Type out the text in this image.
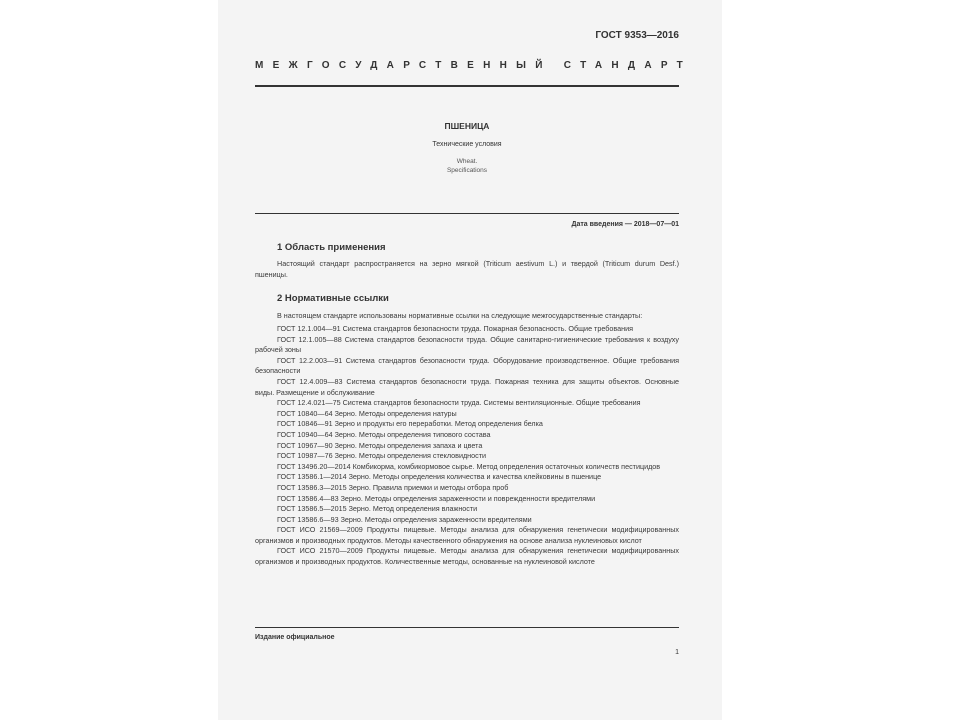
ГОСТ 9353—2016
МЕЖГОСУДАРСТВЕННЫЙ СТАНДАРТ

ПШЕНИЦА

Технические условия

Wheat.

Specifications

Дата введения — 2018—07—01
1 Область применения

Настоящий стандарт распространяется на зерно мягкой (Triticum aestivum L.) и твердой (Triticum durum Desf.) пшеницы.

2 Нормативные ссылки

В настоящем стандарте использованы нормативные ссылки на следующие межгосударственные стандарты:

ГОСТ 12.1.004—91 Система стандартов безопасности труда. Пожарная безопасность. Общие требования
ГОСТ 12.1.005—88 Система стандартов безопасности труда. Общие санитарно-гигиенические требования к воздуху рабочей зоны
ГОСТ 12.2.003—91 Система стандартов безопасности труда. Оборудование производственное. Общие требования безопасности
ГОСТ 12.4.009—83 Система стандартов безопасности труда. Пожарная техника для защиты объектов. Основные виды. Размещение и обслуживание
ГОСТ 12.4.021—75 Система стандартов безопасности труда. Системы вентиляционные. Общие требования
ГОСТ 10840—64 Зерно. Методы определения натуры
ГОСТ 10846—91 Зерно и продукты его переработки. Метод определения белка
ГОСТ 10940—64 Зерно. Методы определения типового состава
ГОСТ 10967—90 Зерно. Методы определения запаха и цвета
ГОСТ 10987—76 Зерно. Методы определения стекловидности
ГОСТ 13496.20—2014 Комбикорма, комбикормовое сырье. Метод определения остаточных количеств пестицидов
ГОСТ 13586.1—2014 Зерно. Методы определения количества и качества клейковины в пшенице
ГОСТ 13586.3—2015 Зерно. Правила приемки и методы отбора проб
ГОСТ 13586.4—83 Зерно. Методы определения зараженности и поврежденности вредителями
ГОСТ 13586.5—2015 Зерно. Метод определения влажности
ГОСТ 13586.6—93 Зерно. Методы определения зараженности вредителями
ГОСТ ИСО 21569—2009 Продукты пищевые. Методы анализа для обнаружения генетически модифицированных организмов и производных продуктов. Методы качественного обнаружения на основе анализа нуклеиновых кислот
ГОСТ ИСО 21570—2009 Продукты пищевые. Методы анализа для обнаружения генетически модифицированных организмов и производных продуктов. Количественные методы, основанные на нуклеиновой кислоте
Издание официальное
1
